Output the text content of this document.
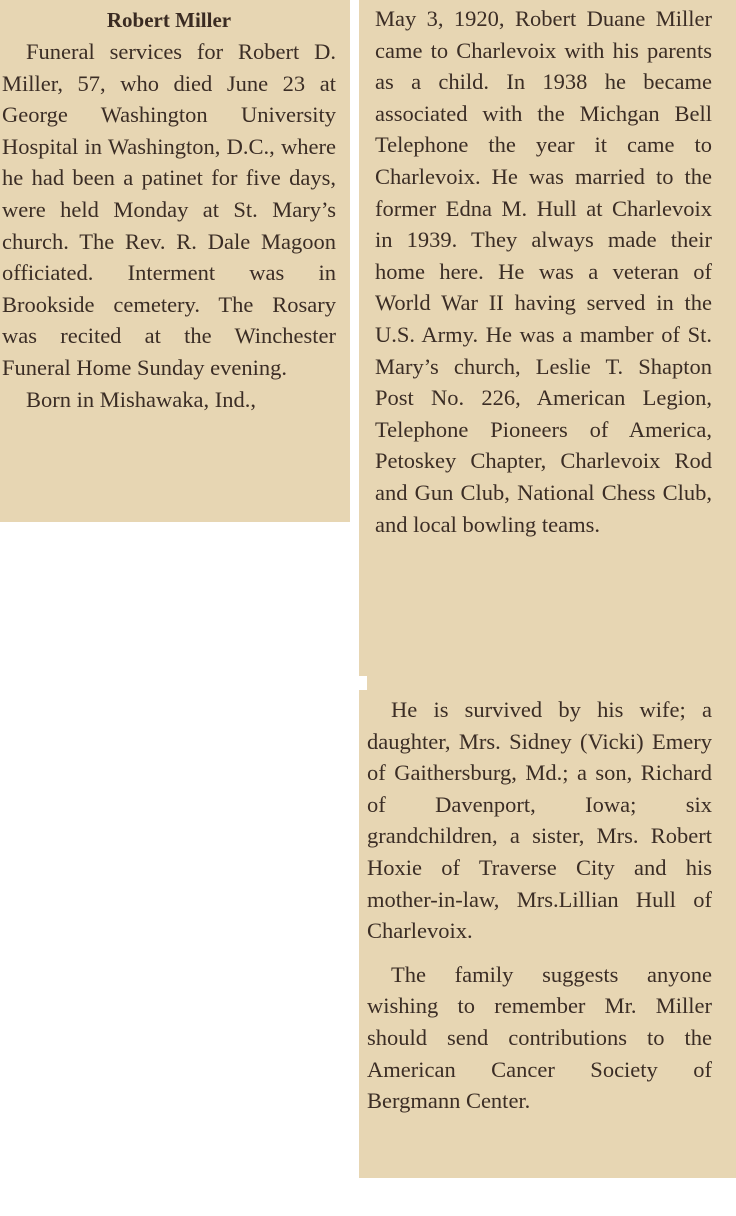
Robert Miller

Funeral services for Robert D. Miller, 57, who died June 23 at George Washington University Hospital in Washington, D.C., where he had been a patinet for five days, were held Monday at St. Mary’s church. The Rev. R. Dale Magoon officiated. Interment was in Brookside cemetery. The Rosary was recited at the Winchester Funeral Home Sunday evening.

Born in Mishawaka, Ind.,

May 3, 1920, Robert Duane Miller came to Charlevoix with his parents as a child. In 1938 he became associated with the Michgan Bell Telephone the year it came to Charlevoix. He was married to the former Edna M. Hull at Charlevoix in 1939. They always made their home here. He was a veteran of World War II having served in the U.S. Army. He was a mamber of St. Mary’s church, Leslie T. Shapton Post No. 226, American Legion, Telephone Pioneers of America, Petoskey Chapter, Charlevoix Rod and Gun Club, National Chess Club, and local bowling teams.

He is survived by his wife; a daughter, Mrs. Sidney (Vicki) Emery of Gaithersburg, Md.; a son, Richard of Davenport, Iowa; six grandchildren, a sister, Mrs. Robert Hoxie of Traverse City and his mother-in-law, Mrs.Lillian Hull of Charlevoix.

The family suggests anyone wishing to remember Mr. Miller should send contributions to the American Cancer Society of Bergmann Center.
